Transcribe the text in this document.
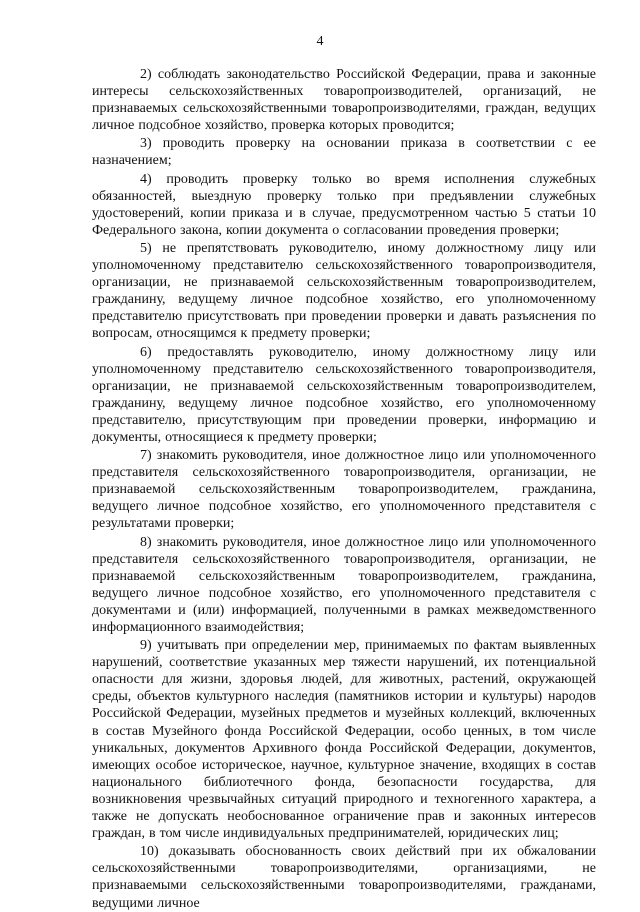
4

2) соблюдать законодательство Российской Федерации, права и законные интересы сельскохозяйственных товаропроизводителей, организаций, не признаваемых сельскохозяйственными товаропроизводителями, граждан, ведущих личное подсобное хозяйство, проверка которых проводится;

3) проводить проверку на основании приказа в соответствии с ее назначением;

4) проводить проверку только во время исполнения служебных обязанностей, выездную проверку только при предъявлении служебных удостоверений, копии приказа и в случае, предусмотренном частью 5 статьи 10 Федерального закона, копии документа о согласовании проведения проверки;

5) не препятствовать руководителю, иному должностному лицу или уполномоченному представителю сельскохозяйственного товаропроизводителя, организации, не признаваемой сельскохозяйственным товаропроизводителем, гражданину, ведущему личное подсобное хозяйство, его уполномоченному представителю присутствовать при проведении проверки и давать разъяснения по вопросам, относящимся к предмету проверки;

6) предоставлять руководителю, иному должностному лицу или уполномоченному представителю сельскохозяйственного товаропроизводителя, организации, не признаваемой сельскохозяйственным товаропроизводителем, гражданину, ведущему личное подсобное хозяйство, его уполномоченному представителю, присутствующим при проведении проверки, информацию и документы, относящиеся к предмету проверки;

7) знакомить руководителя, иное должностное лицо или уполномоченного представителя сельскохозяйственного товаропроизводителя, организации, не признаваемой сельскохозяйственным товаропроизводителем, гражданина, ведущего личное подсобное хозяйство, его уполномоченного представителя с результатами проверки;

8) знакомить руководителя, иное должностное лицо или уполномоченного представителя сельскохозяйственного товаропроизводителя, организации, не признаваемой сельскохозяйственным товаропроизводителем, гражданина, ведущего личное подсобное хозяйство, его уполномоченного представителя с документами и (или) информацией, полученными в рамках межведомственного информационного взаимодействия;

9) учитывать при определении мер, принимаемых по фактам выявленных нарушений, соответствие указанных мер тяжести нарушений, их потенциальной опасности для жизни, здоровья людей, для животных, растений, окружающей среды, объектов культурного наследия (памятников истории и культуры) народов Российской Федерации, музейных предметов и музейных коллекций, включенных в состав Музейного фонда Российской Федерации, особо ценных, в том числе уникальных, документов Архивного фонда Российской Федерации, документов, имеющих особое историческое, научное, культурное значение, входящих в состав национального библиотечного фонда, безопасности государства, для возникновения чрезвычайных ситуаций природного и техногенного характера, а также не допускать необоснованное ограничение прав и законных интересов граждан, в том числе индивидуальных предпринимателей, юридических лиц;

10) доказывать обоснованность своих действий при их обжаловании сельскохозяйственными товаропроизводителями, организациями, не признаваемыми сельскохозяйственными товаропроизводителями, гражданами, ведущими личное
